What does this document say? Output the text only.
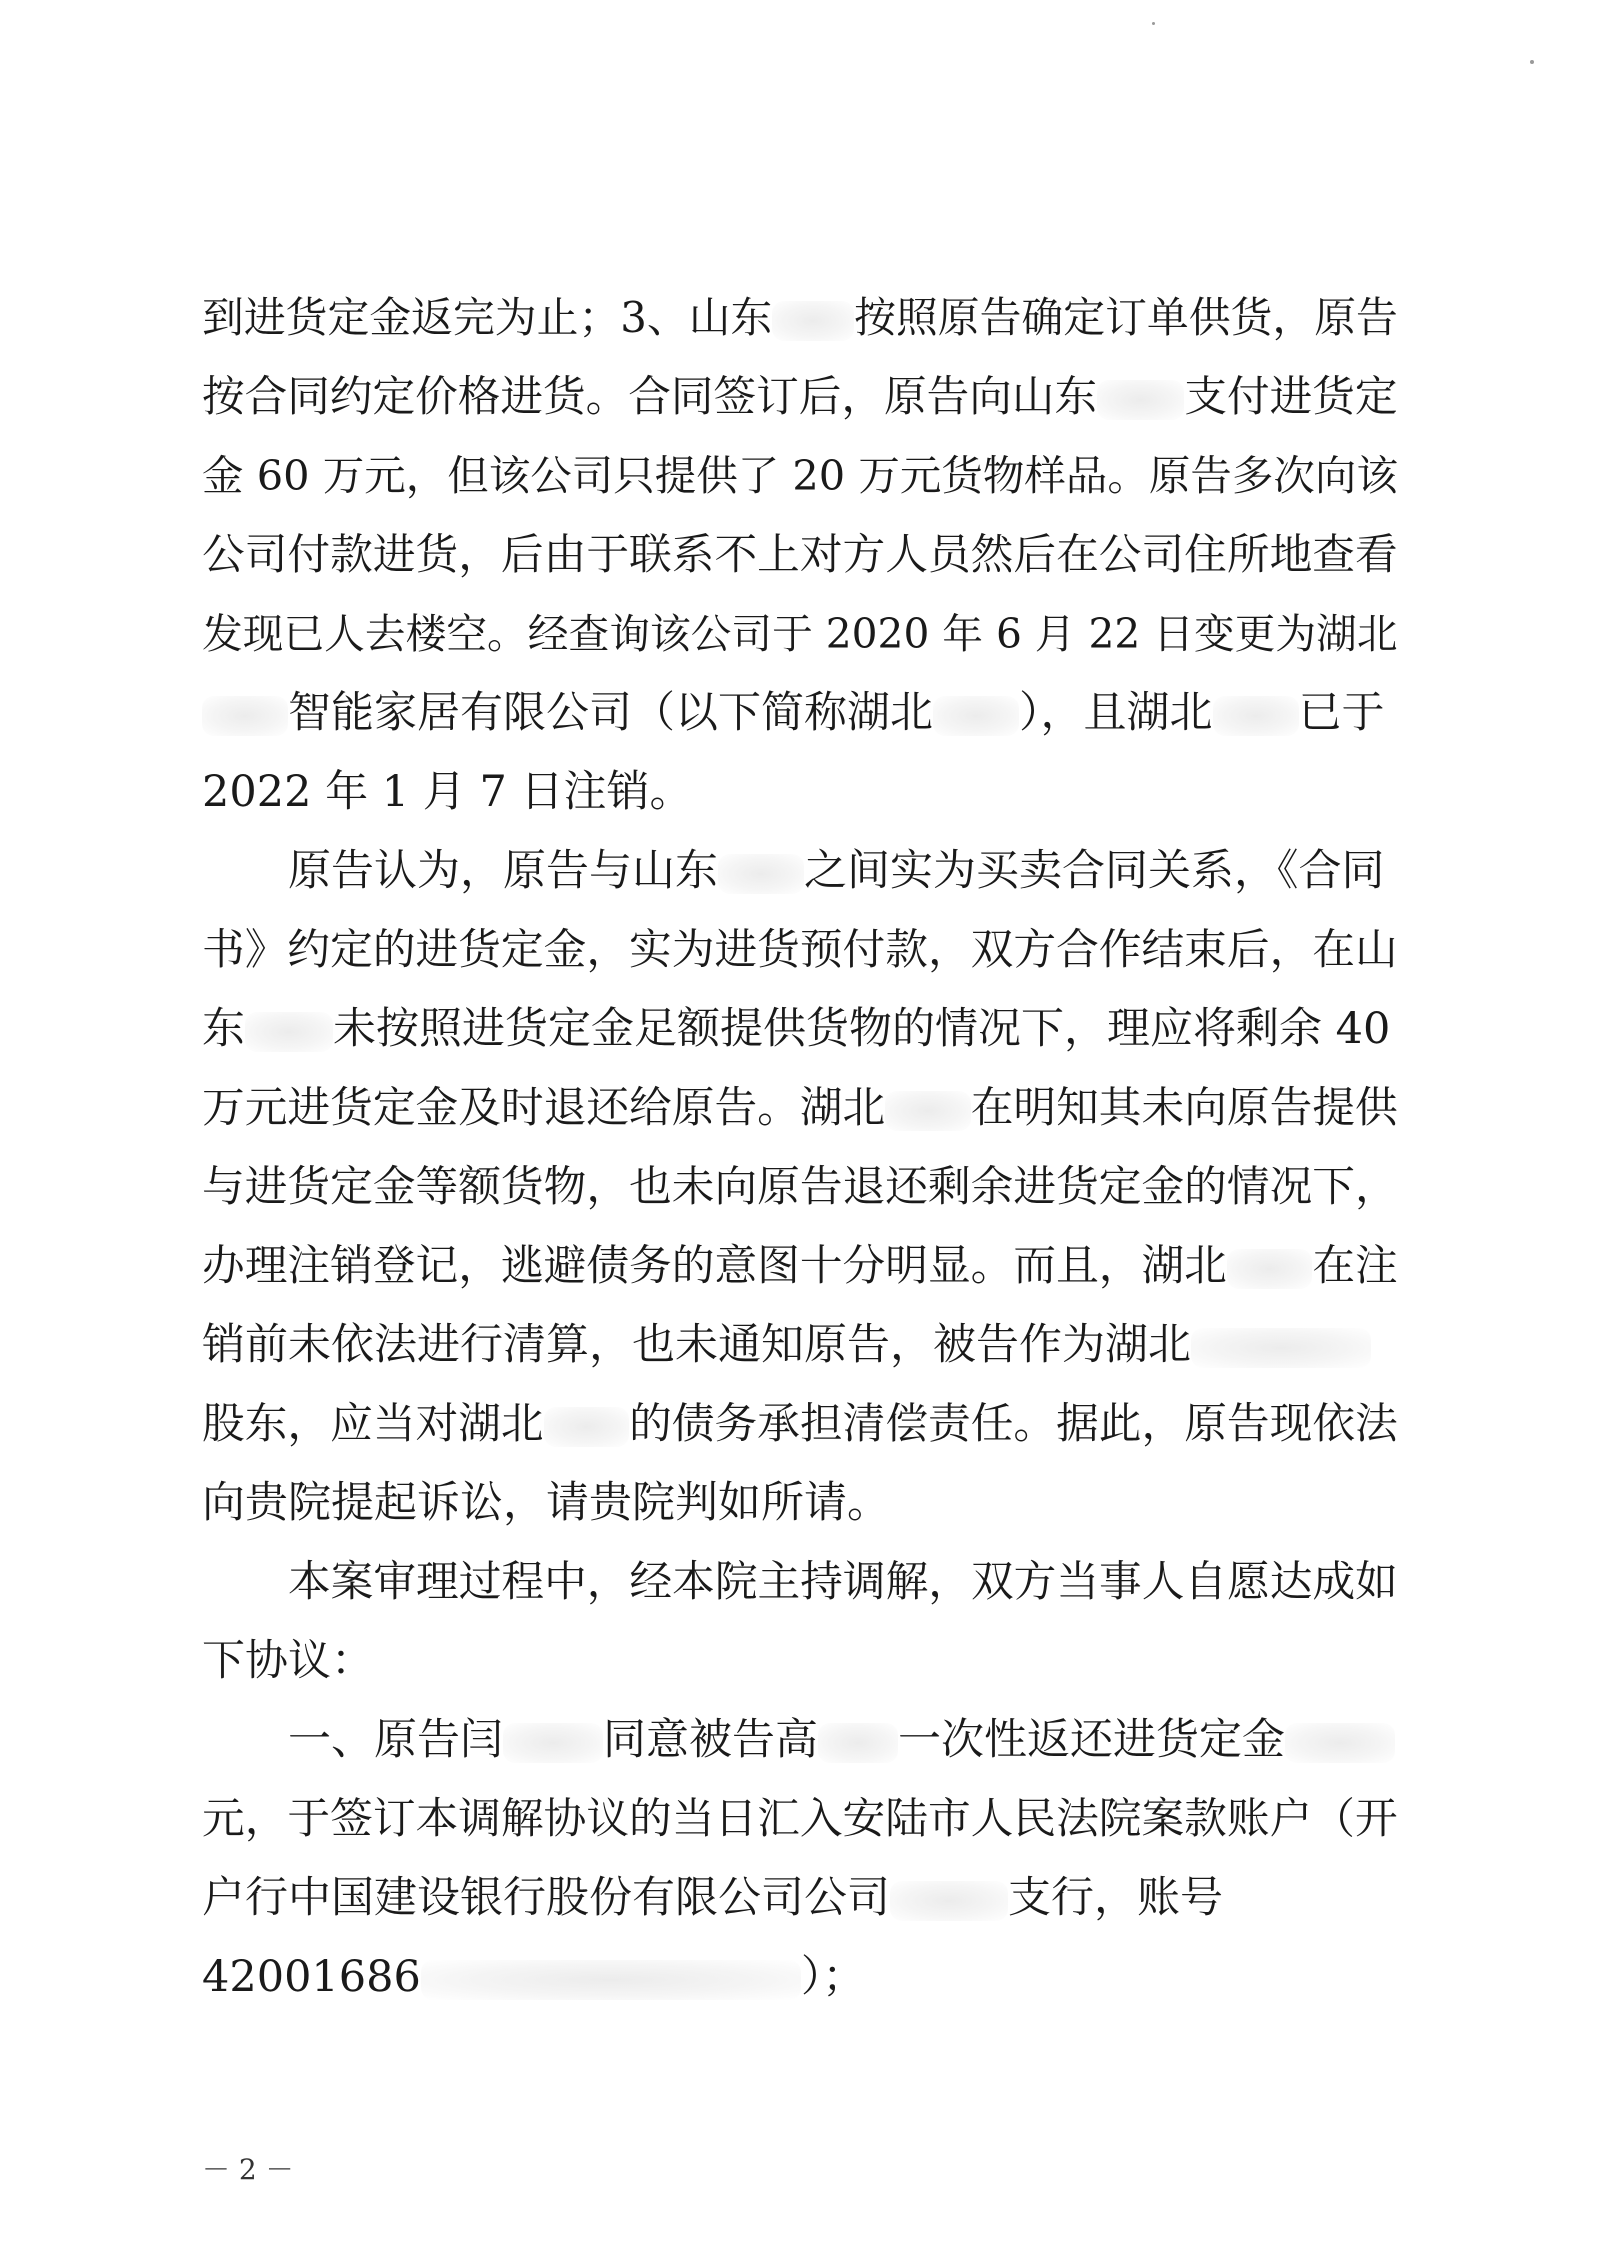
到进货定金返完为止；3、山东 按照原告确定订单供货，原告
按合同约定价格进货。合同签订后，原告向山东 支付进货定
金 60 万元，但该公司只提供了 20 万元货物样品。原告多次向该
公司付款进货，后由于联系不上对方人员然后在公司住所地查看
发现已人去楼空。经查询该公司于 2020 年 6 月 22 日变更为湖北
智能家居有限公司（以下简称湖北 ），且湖北 已于
2022 年 1 月 7 日注销。
原告认为，原告与山东 之间实为买卖合同关系，《合同
书》约定的进货定金，实为进货预付款，双方合作结束后，在山
东 未按照进货定金足额提供货物的情况下，理应将剩余 40
万元进货定金及时退还给原告。湖北 在明知其未向原告提供
与进货定金等额货物，也未向原告退还剩余进货定金的情况下，
办理注销登记，逃避债务的意图十分明显。而且，湖北 在注
销前未依法进行清算，也未通知原告，被告作为湖北
股东，应当对湖北 的债务承担清偿责任。据此，原告现依法
向贵院提起诉讼，请贵院判如所请。
本案审理过程中，经本院主持调解，双方当事人自愿达成如
下协议：
一、原告闫 同意被告高 一次性返还进货定金
元，于签订本调解协议的当日汇入安陆市人民法院案款账户（开
户行中国建设银行股份有限公司公司	支行，账号
42001686	）；
－ 2 －
